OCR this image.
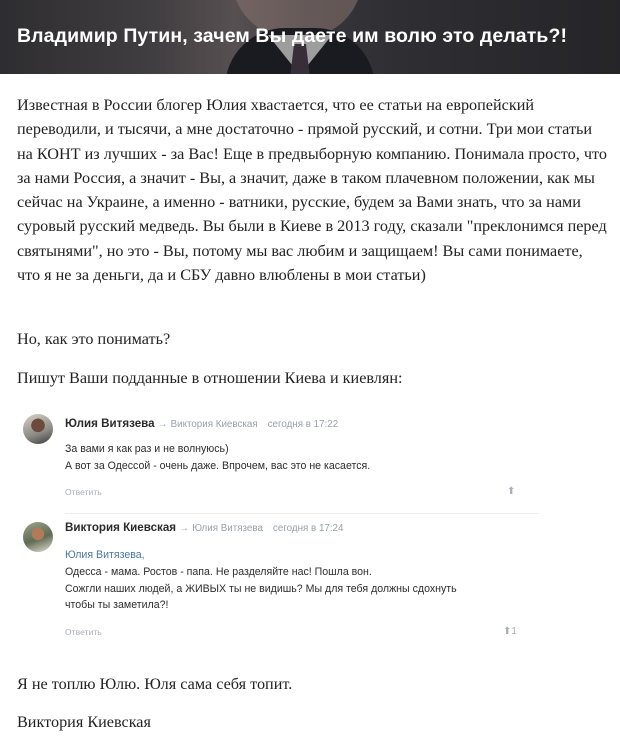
Владимир Путин, зачем Вы даете им волю это делать?!

Известная в России блогер Юлия хвастается, что ее статьи на европейский переводили, и тысячи, а мне достаточно - прямой русский, и сотни. Три мои статьи на КОНТ из лучших - за Вас! Еще в предвыборную компанию. Понимала просто, что за нами Россия, а значит - Вы, а значит, даже в таком плачевном положении, как мы сейчас на Украине, а именно - ватники, русские, будем за Вами знать, что за нами суровый русский медведь. Вы были в Киеве в 2013 году, сказали "преклонимся перед святынями", но это - Вы, потому мы вас любим и защищаем! Вы сами понимаете, что я не за деньги, да и СБУ давно влюблены в мои статьи)

Но, как это понимать?

Пишут Ваши подданные в отношении Киева и киевлян:

Юлия Витязева → Виктория Киевская сегодня в 17:22
За вами я как раз и не волнуюсь)
А вот за Одессой - очень даже. Впрочем, вас это не касается.
Ответить	⬆
Виктория Киевская → Юлия Витязева сегодня в 17:24
Юлия Витязева,
Одесса - мама. Ростов - папа. Не разделяйте нас! Пошла вон.
Сожгли наших людей, а ЖИВЫХ ты не видишь? Мы для тебя должны сдохнуть
чтобы ты заметила?!
Ответить	⬆1

Я не топлю Юлю. Юля сама себя топит.

Виктория Киевская
